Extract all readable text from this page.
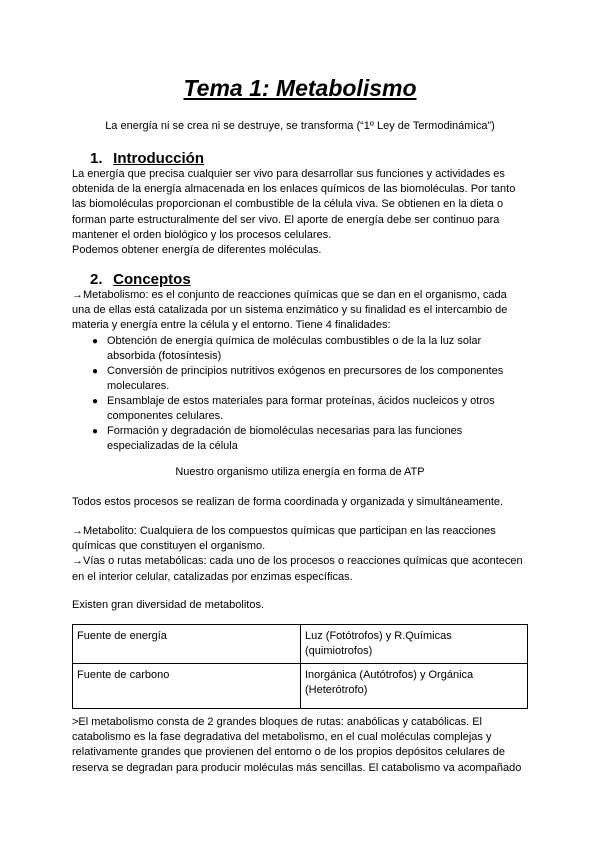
Tema 1: Metabolismo
La energía ni se crea ni se destruye, se transforma (“1º Ley de Termodinámica”)
1. Introducción

La energía que precisa cualquier ser vivo para desarrollar sus funciones y actividades es

obtenida de la energía almacenada en los enlaces químicos de las biomoléculas. Por tanto

las biomoléculas proporcionan el combustible de la célula viva. Se obtienen en la dieta o

forman parte estructuralmente del ser vivo. El aporte de energía debe ser continuo para

mantener el orden biológico y los procesos celulares.

Podemos obtener energía de diferentes moléculas.

2. Conceptos

→Metabolismo: es el conjunto de reacciones químicas que se dan en el organismo, cada

una de ellas está catalizada por un sistema enzimático y su finalidad es el intercambio de

materia y energía entre la célula y el entorno. Tiene 4 finalidades:

● Obtención de energía química de moléculas combustibles o de la la luz solar
absorbida (fotosíntesis)
● Conversión de principios nutritivos exógenos en precursores de los componentes
moleculares.
● Ensamblaje de estos materiales para formar proteínas, ácidos nucleicos y otros
componentes celulares.
● Formación y degradación de biomoléculas necesarias para las funciones
especializadas de la célula
Nuestro organismo utiliza energía en forma de ATP

Todos estos procesos se realizan de forma coordinada y organizada y simultáneamente.

→Metabolito: Cualquiera de los compuestos químicas que participan en las reacciones

químicas que constituyen el organismo.

→Vías o rutas metabólicas: cada uno de los procesos o reacciones químicas que acontecen

en el interior celular, catalizadas por enzimas específicas.

Existen gran diversidad de metabolitos.

Fuente de energía	Luz (Fotótrofos) y R.Químicas
(quimiotrofos)

Fuente de carbono	Inorgánica (Autótrofos) y Orgánica
(Heterótrofo)

>El metabolismo consta de 2 grandes bloques de rutas: anabólicas y catabólicas. El

catabolismo es la fase degradativa del metabolismo, en el cual moléculas complejas y

relativamente grandes que provienen del entorno o de los propios depósitos celulares de

reserva se degradan para producir moléculas más sencillas. El catabolismo va acompañado
